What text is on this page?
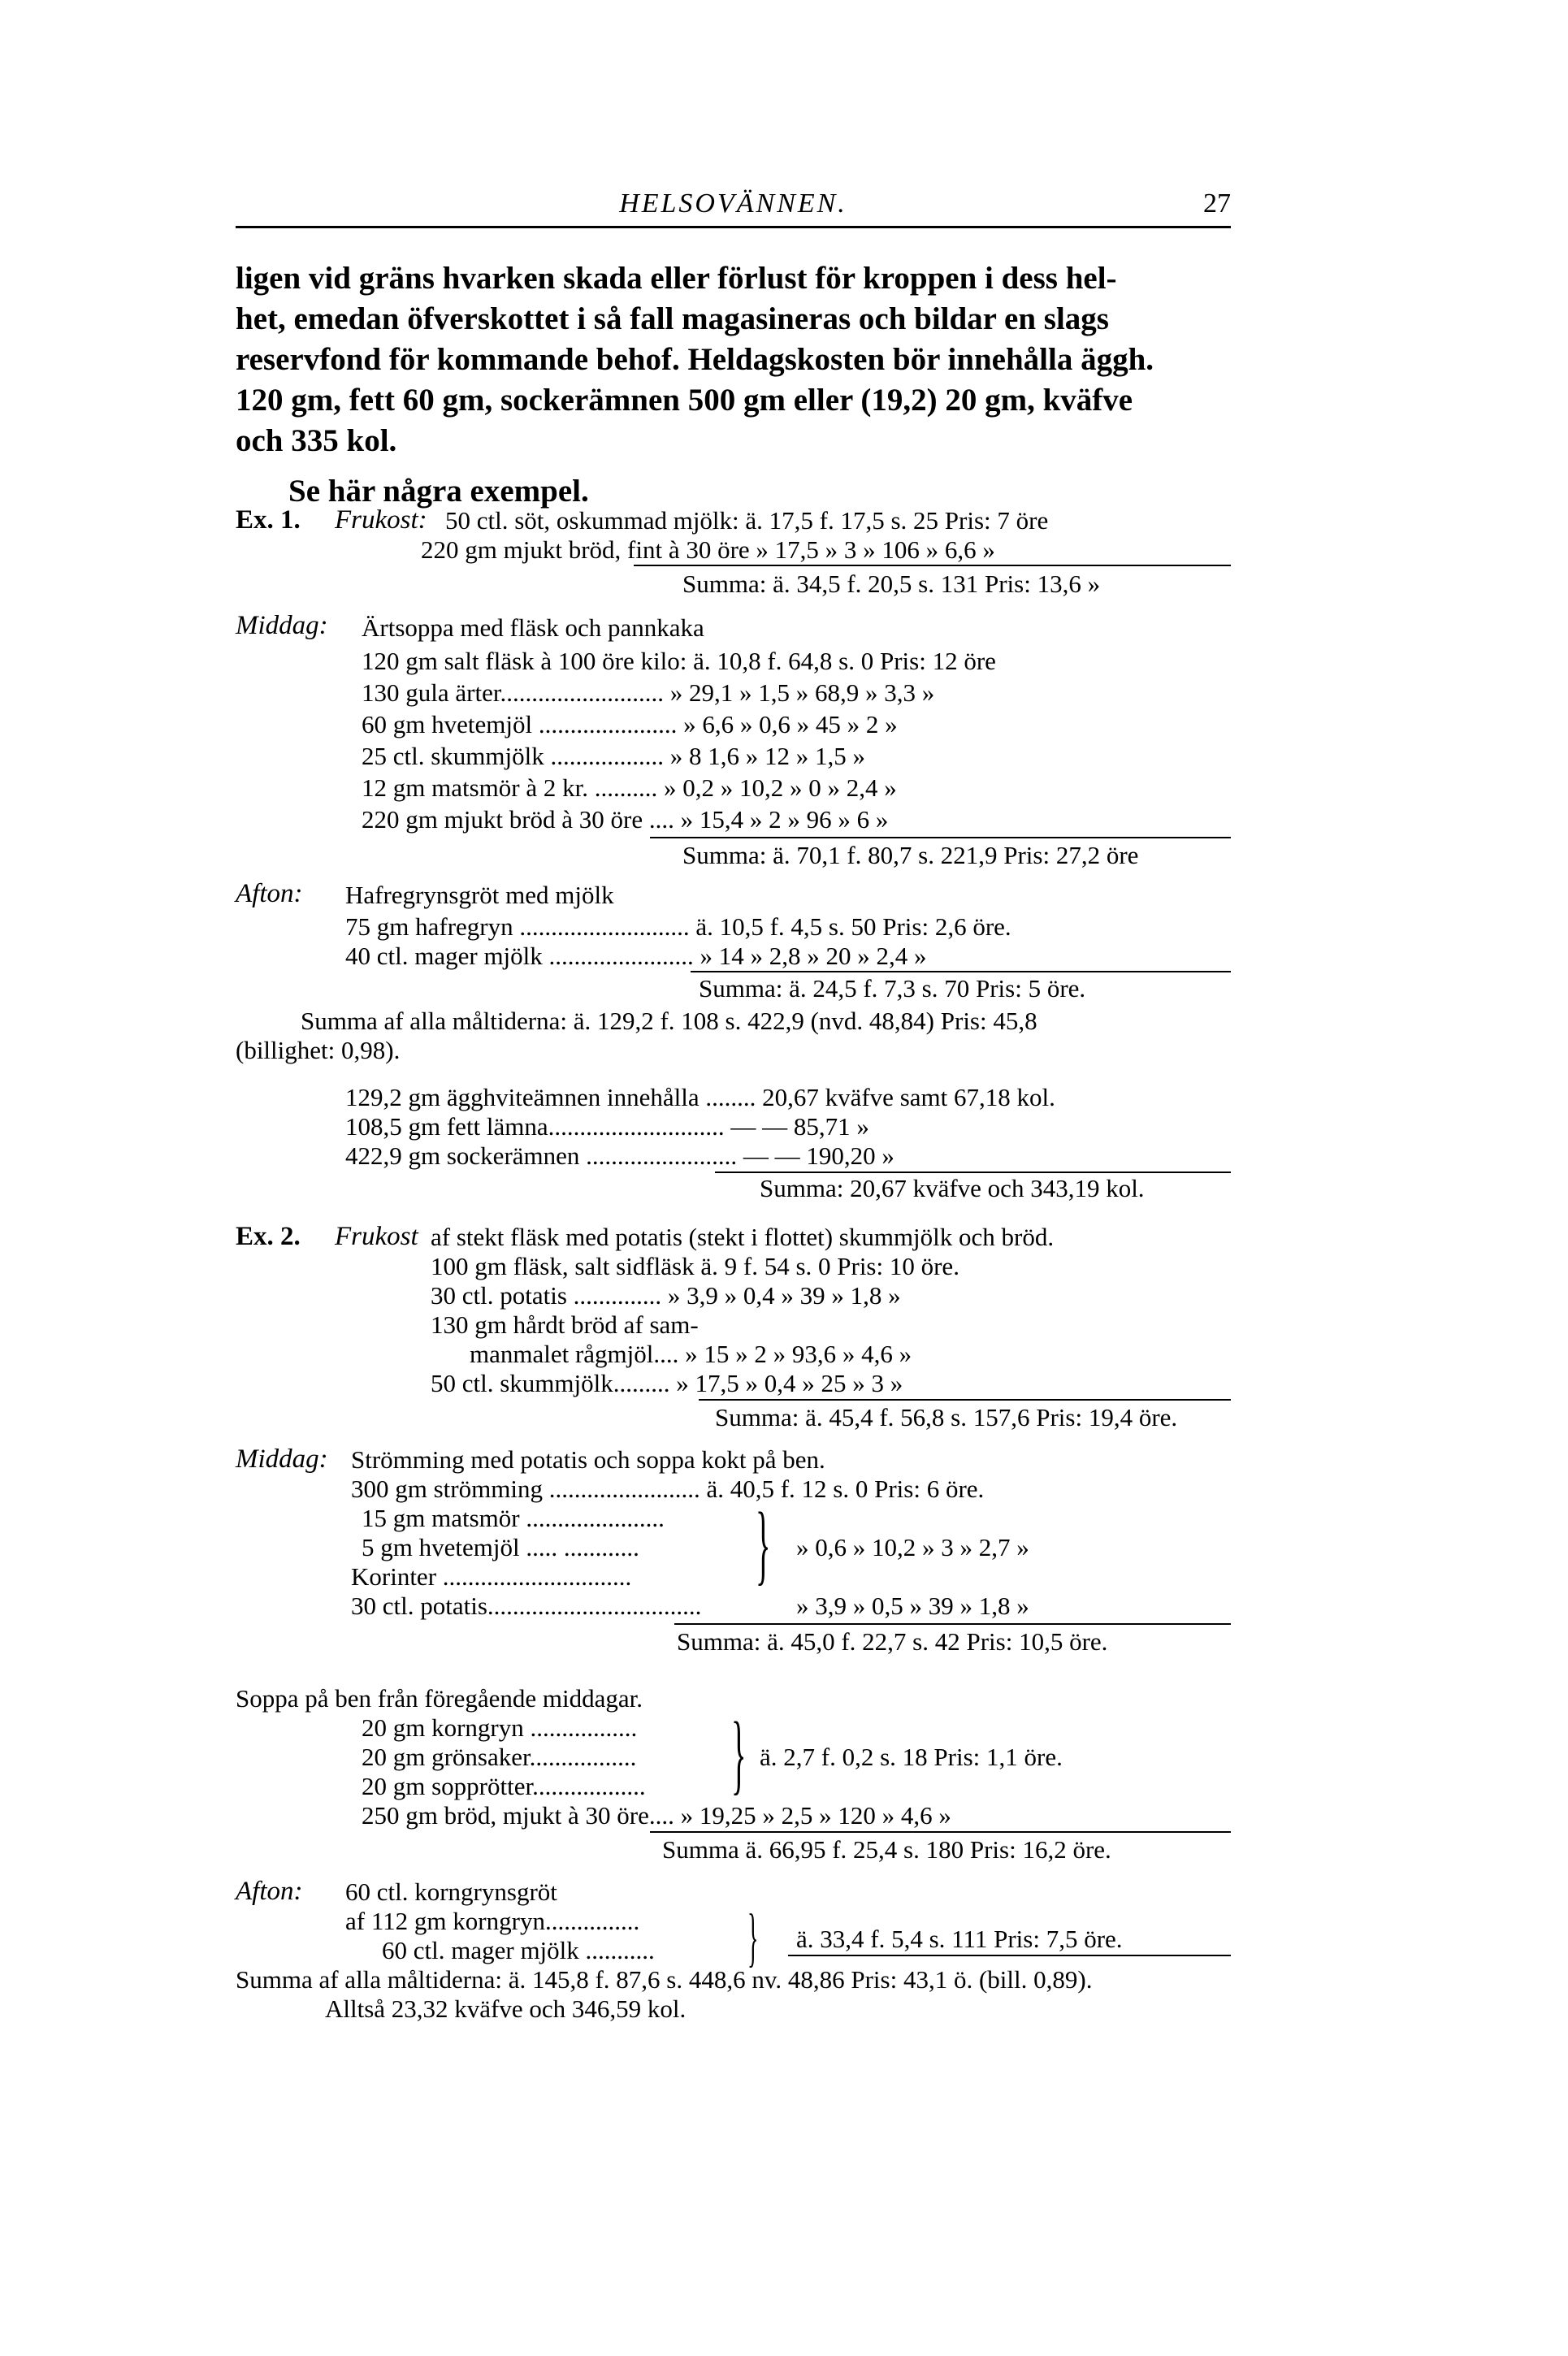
HELSOVÄNNEN.	27
ligen vid gräns hvarken skada eller förlust för kroppen i dess hel-
het, emedan öfverskottet i så fall magasineras och bildar en slags
reservfond för kommande behof. Heldagskosten bör innehålla äggh.
120 gm, fett 60 gm, sockerämnen 500 gm eller (19,2) 20 gm, kväfve
och 335 kol.
Se här några exempel.
Ex. 1. Frukost: 50 ctl. söt, oskummad mjölk: ä. 17,5 f. 17,5 s. 25 Pris: 7 öre
220 gm mjukt bröd, fint à 30 öre » 17,5 » 3 » 106 » 6,6 »
Summa: ä. 34,5 f. 20,5 s. 131 Pris: 13,6 »
Middag: Ärtsoppa med fläsk och pannkaka
120 gm salt fläsk à 100 öre kilo: ä. 10,8 f. 64,8 s. 0 Pris: 12 öre
130 gula ärter.......................... » 29,1 » 1,5 » 68,9 » 3,3 »
60 gm hvetemjöl ...................... » 6,6 » 0,6 » 45 » 2 »
25 ctl. skummjölk .................. » 8 1,6 » 12 » 1,5 »
12 gm matsmör à 2 kr. .......... » 0,2 » 10,2 » 0 » 2,4 »
220 gm mjukt bröd à 30 öre .... » 15,4 » 2 » 96 » 6 »
Summa: ä. 70,1 f. 80,7 s. 221,9 Pris: 27,2 öre
Afton: Hafregrynsgröt med mjölk
75 gm hafregryn ........................... ä. 10,5 f. 4,5 s. 50 Pris: 2,6 öre.
40 ctl. mager mjölk ....................... » 14 » 2,8 » 20 » 2,4 »
Summa: ä. 24,5 f. 7,3 s. 70 Pris: 5 öre.
Summa af alla måltiderna: ä. 129,2 f. 108 s. 422,9 (nvd. 48,84) Pris: 45,8
(billighet: 0,98).
129,2 gm ägghviteämnen innehålla ........ 20,67 kväfve samt 67,18 kol.
108,5 gm fett lämna............................ — — 85,71 »
422,9 gm sockerämnen ........................ — — 190,20 »
Summa: 20,67 kväfve och 343,19 kol.
Ex. 2. Frukost af stekt fläsk med potatis (stekt i flottet) skummjölk och bröd.
100 gm fläsk, salt sidfläsk ä. 9 f. 54 s. 0 Pris: 10 öre.
30 ctl. potatis .............. » 3,9 » 0,4 » 39 » 1,8 »
130 gm hårdt bröd af sam-
manmalet rågmjöl.... » 15 » 2 » 93,6 » 4,6 »
50 ctl. skummjölk......... » 17,5 » 0,4 » 25 » 3 »
Summa: ä. 45,4 f. 56,8 s. 157,6 Pris: 19,4 öre.
Middag: Strömming med potatis och soppa kokt på ben.
300 gm strömming ........................ ä. 40,5 f. 12 s. 0 Pris: 6 öre.
15 gm matsmör ......................
5 gm hvetemjöl ..... ............
Korinter .............................. } » 0,6 » 10,2 » 3 » 2,7 »
30 ctl. potatis..................................	» 3,9 » 0,5 » 39 » 1,8 »
Summa: ä. 45,0 f. 22,7 s. 42 Pris: 10,5 öre.
Soppa på ben från föregående middagar.
20 gm korngryn .................
20 gm grönsaker.................
20 gm sopprötter.................. } ä. 2,7 f. 0,2 s. 18 Pris: 1,1 öre.
250 gm bröd, mjukt à 30 öre.... » 19,25 » 2,5 » 120 » 4,6 »
Summa ä. 66,95 f. 25,4 s. 180 Pris: 16,2 öre.
Afton: 60 ctl. korngrynsgröt
af 112 gm korngryn...............
60 ctl. mager mjölk ........... } ä. 33,4 f. 5,4 s. 111 Pris: 7,5 öre.
Summa af alla måltiderna: ä. 145,8 f. 87,6 s. 448,6 nv. 48,86 Pris: 43,1 ö. (bill. 0,89).
Alltså 23,32 kväfve och 346,59 kol.
